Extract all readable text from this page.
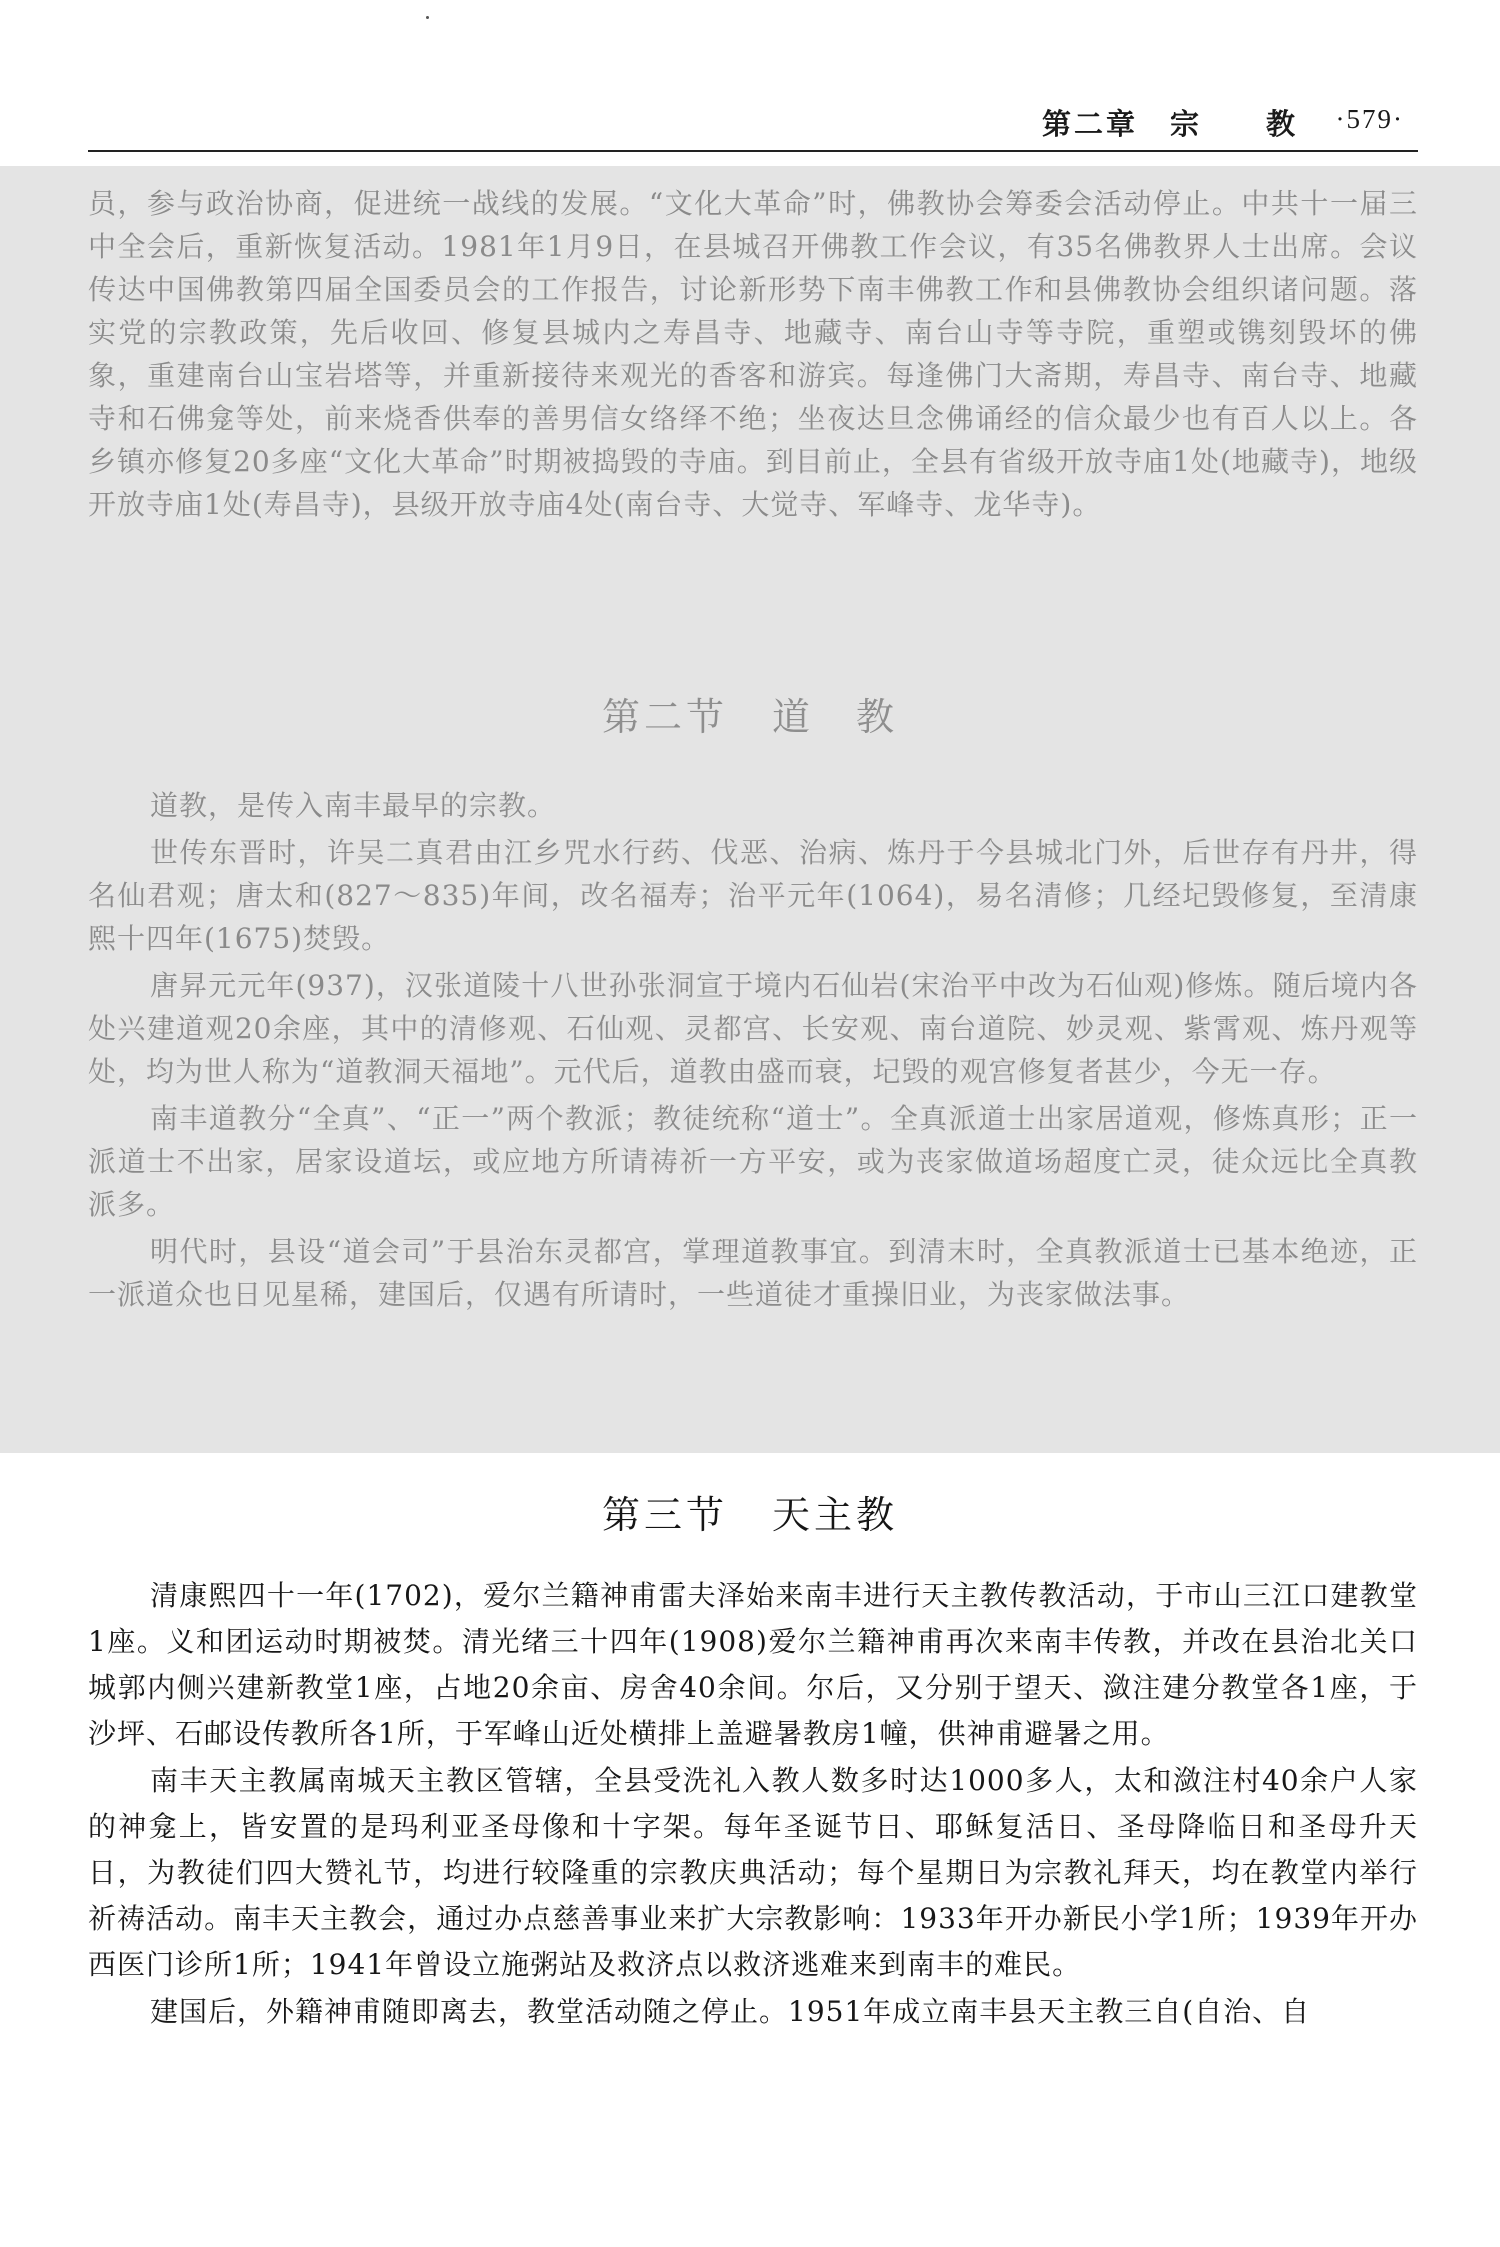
第二章　宗　　教 ·579·

员，参与政治协商，促进统一战线的发展。“文化大革命”时，佛教协会筹委会活动停止。中共十一届三中全会后，重新恢复活动。1981年1月9日，在县城召开佛教工作会议，有35名佛教界人士出席。会议传达中国佛教第四届全国委员会的工作报告，讨论新形势下南丰佛教工作和县佛教协会组织诸问题。落实党的宗教政策，先后收回、修复县城内之寿昌寺、地藏寺、南台山寺等寺院，重塑或镌刻毁坏的佛象，重建南台山宝岩塔等，并重新接待来观光的香客和游宾。每逢佛门大斋期，寿昌寺、南台寺、地藏寺和石佛龛等处，前来烧香供奉的善男信女络绎不绝；坐夜达旦念佛诵经的信众最少也有百人以上。各乡镇亦修复20多座“文化大革命”时期被捣毁的寺庙。到目前止，全县有省级开放寺庙1处(地藏寺)，地级开放寺庙1处(寿昌寺)，县级开放寺庙4处(南台寺、大觉寺、军峰寺、龙华寺)。

第二节 道　教

道教，是传入南丰最早的宗教。

世传东晋时，许吴二真君由江乡咒水行药、伐恶、治病、炼丹于今县城北门外，后世存有丹井，得名仙君观；唐太和(827～835)年间，改名福寿；治平元年(1064)，易名清修；几经圮毁修复，至清康熙十四年(1675)焚毁。

唐昇元元年(937)，汉张道陵十八世孙张洞宣于境内石仙岩(宋治平中改为石仙观)修炼。随后境内各处兴建道观20余座，其中的清修观、石仙观、灵都宫、长安观、南台道院、妙灵观、紫霄观、炼丹观等处，均为世人称为“道教洞天福地”。元代后，道教由盛而衰，圮毁的观宫修复者甚少，今无一存。

南丰道教分“全真”、“正一”两个教派；教徒统称“道士”。全真派道士出家居道观，修炼真形；正一派道士不出家，居家设道坛，或应地方所请祷祈一方平安，或为丧家做道场超度亡灵，徒众远比全真教派多。

明代时，县设“道会司”于县治东灵都宫，掌理道教事宜。到清末时，全真教派道士已基本绝迹，正一派道众也日见星稀，建国后，仅遇有所请时，一些道徒才重操旧业，为丧家做法事。

第三节 天主教

清康熙四十一年(1702)，爱尔兰籍神甫雷夫泽始来南丰进行天主教传教活动，于市山三江口建教堂1座。义和团运动时期被焚。清光绪三十四年(1908)爱尔兰籍神甫再次来南丰传教，并改在县治北关口城郭内侧兴建新教堂1座，占地20余亩、房舍40余间。尔后，又分别于望天、潋注建分教堂各1座，于沙坪、石邮设传教所各1所，于军峰山近处横排上盖避暑教房1幢，供神甫避暑之用。

南丰天主教属南城天主教区管辖，全县受洗礼入教人数多时达1000多人，太和潋注村40余户人家的神龛上，皆安置的是玛利亚圣母像和十字架。每年圣诞节日、耶稣复活日、圣母降临日和圣母升天日，为教徒们四大赞礼节，均进行较隆重的宗教庆典活动；每个星期日为宗教礼拜天，均在教堂内举行祈祷活动。南丰天主教会，通过办点慈善事业来扩大宗教影响：1933年开办新民小学1所；1939年开办西医门诊所1所；1941年曾设立施粥站及救济点以救济逃难来到南丰的难民。

建国后，外籍神甫随即离去，教堂活动随之停止。1951年成立南丰县天主教三自(自治、自
